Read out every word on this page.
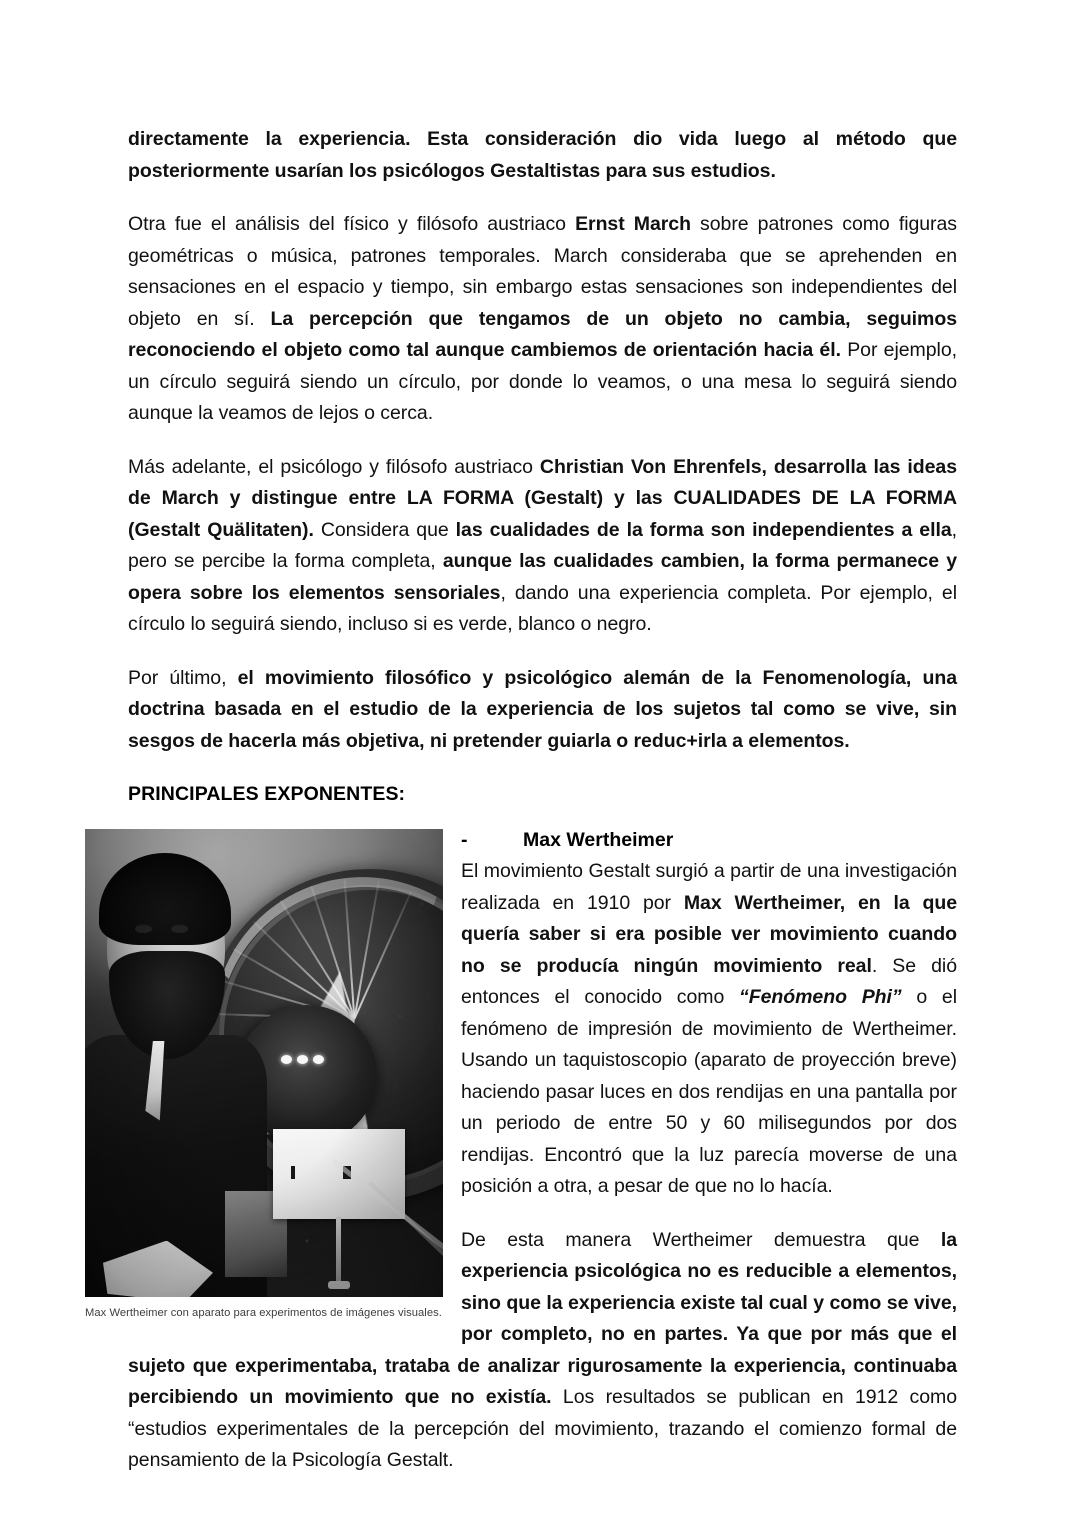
directamente la experiencia. Esta consideración dio vida luego al método que posteriormente usarían los psicólogos Gestaltistas para sus estudios.

Otra fue el análisis del físico y filósofo austriaco Ernst March sobre patrones como figuras geométricas o música, patrones temporales. March consideraba que se aprehenden en sensaciones en el espacio y tiempo, sin embargo estas sensaciones son independientes del objeto en sí. La percepción que tengamos de un objeto no cambia, seguimos reconociendo el objeto como tal aunque cambiemos de orientación hacia él. Por ejemplo, un círculo seguirá siendo un círculo, por donde lo veamos, o una mesa lo seguirá siendo aunque la veamos de lejos o cerca.

Más adelante, el psicólogo y filósofo austriaco Christian Von Ehrenfels, desarrolla las ideas de March y distingue entre LA FORMA (Gestalt) y las CUALIDADES DE LA FORMA (Gestalt Quälitaten). Considera que las cualidades de la forma son independientes a ella, pero se percibe la forma completa, aunque las cualidades cambien, la forma permanece y opera sobre los elementos sensoriales, dando una experiencia completa. Por ejemplo, el círculo lo seguirá siendo, incluso si es verde, blanco o negro.

Por último, el movimiento filosófico y psicológico alemán de la Fenomenología, una doctrina basada en el estudio de la experiencia de los sujetos tal como se vive, sin sesgos de hacerla más objetiva, ni pretender guiarla o reduc+irla a elementos.

PRINCIPALES EXPONENTES:
Max Wertheimer con aparato para experimentos de imágenes visuales.
-	Max Wertheimer

El movimiento Gestalt surgió a partir de una investigación realizada en 1910 por Max Wertheimer, en la que quería saber si era posible ver movimiento cuando no se producía ningún movimiento real. Se dió entonces el conocido como “Fenómeno Phi” o el fenómeno de impresión de movimiento de Wertheimer. Usando un taquistoscopio (aparato de proyección breve) haciendo pasar luces en dos rendijas en una pantalla por un periodo de entre 50 y 60 milisegundos por dos rendijas. Encontró que la luz parecía moverse de una posición a otra, a pesar de que no lo hacía.

De esta manera Wertheimer demuestra que la experiencia psicológica no es reducible a elementos, sino que la experiencia existe tal cual y como se vive, por completo, no en partes. Ya que por más que el sujeto que experimentaba, trataba de analizar rigurosamente la experiencia, continuaba percibiendo un movimiento que no existía. Los resultados se publican en 1912 como “estudios experimentales de la percepción del movimiento, trazando el comienzo formal de pensamiento de la Psicología Gestalt.
